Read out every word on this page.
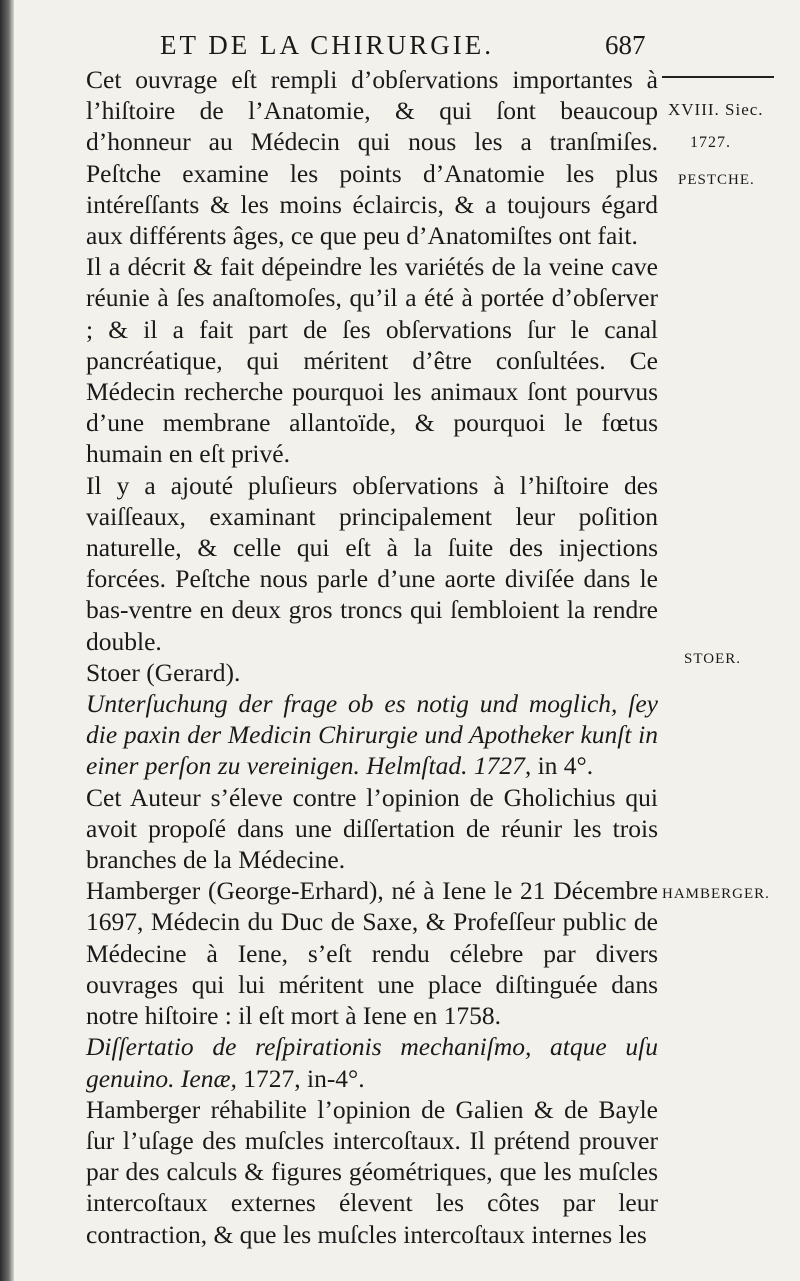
ET DE LA CHIRURGIE.	687

Cet ouvrage eſt rempli d’obſervations importantes à l’hiſtoire de l’Anatomie, & qui ſont beaucoup d’honneur au Médecin qui nous les a tranſmiſes. Peſtche examine les points d’Anatomie les plus intéreſſants & les moins éclaircis, & a toujours égard aux différents âges, ce que peu d’Anatomiſtes ont fait.

Il a décrit & fait dépeindre les variétés de la veine cave réunie à ſes anaſtomoſes, qu’il a été à portée d’obſerver ; & il a fait part de ſes obſervations ſur le canal pancréatique, qui méritent d’être conſultées. Ce Médecin recherche pourquoi les animaux ſont pourvus d’une membrane allantoïde, & pourquoi le fœtus humain en eſt privé.

Il y a ajouté pluſieurs obſervations à l’hiſtoire des vaiſſeaux, examinant principalement leur poſition naturelle, & celle qui eſt à la ſuite des injections forcées. Peſtche nous parle d’une aorte diviſée dans le bas-ventre en deux gros troncs qui ſembloient la rendre double.

Stoer (Gerard).

Unterſuchung der frage ob es notig und moglich, ſey die paxin der Medicin Chirurgie und Apotheker kunſt in einer perſon zu vereinigen. Helmſtad. 1727, in 4°.

Cet Auteur s’éleve contre l’opinion de Gholichius qui avoit propoſé dans une diſſertation de réunir les trois branches de la Médecine.

Hamberger (George-Erhard), né à Iene le 21 Décembre 1697, Médecin du Duc de Saxe, & Profeſſeur public de Médecine à Iene, s’eſt rendu célebre par divers ouvrages qui lui méritent une place diſtinguée dans notre hiſtoire : il eſt mort à Iene en 1758.

Diſſertatio de reſpirationis mechaniſmo, atque uſu genuino. Ienæ, 1727, in-4°.

Hamberger réhabilite l’opinion de Galien & de Bayle ſur l’uſage des muſcles intercoſtaux. Il prétend prouver par des calculs & figures géométriques, que les muſcles intercoſtaux externes élevent les côtes par leur contraction, & que les muſcles intercoſtaux internes les

XVIII. Siec.
1727.
PESTCHE.
STOER.
HAMBERGER.
